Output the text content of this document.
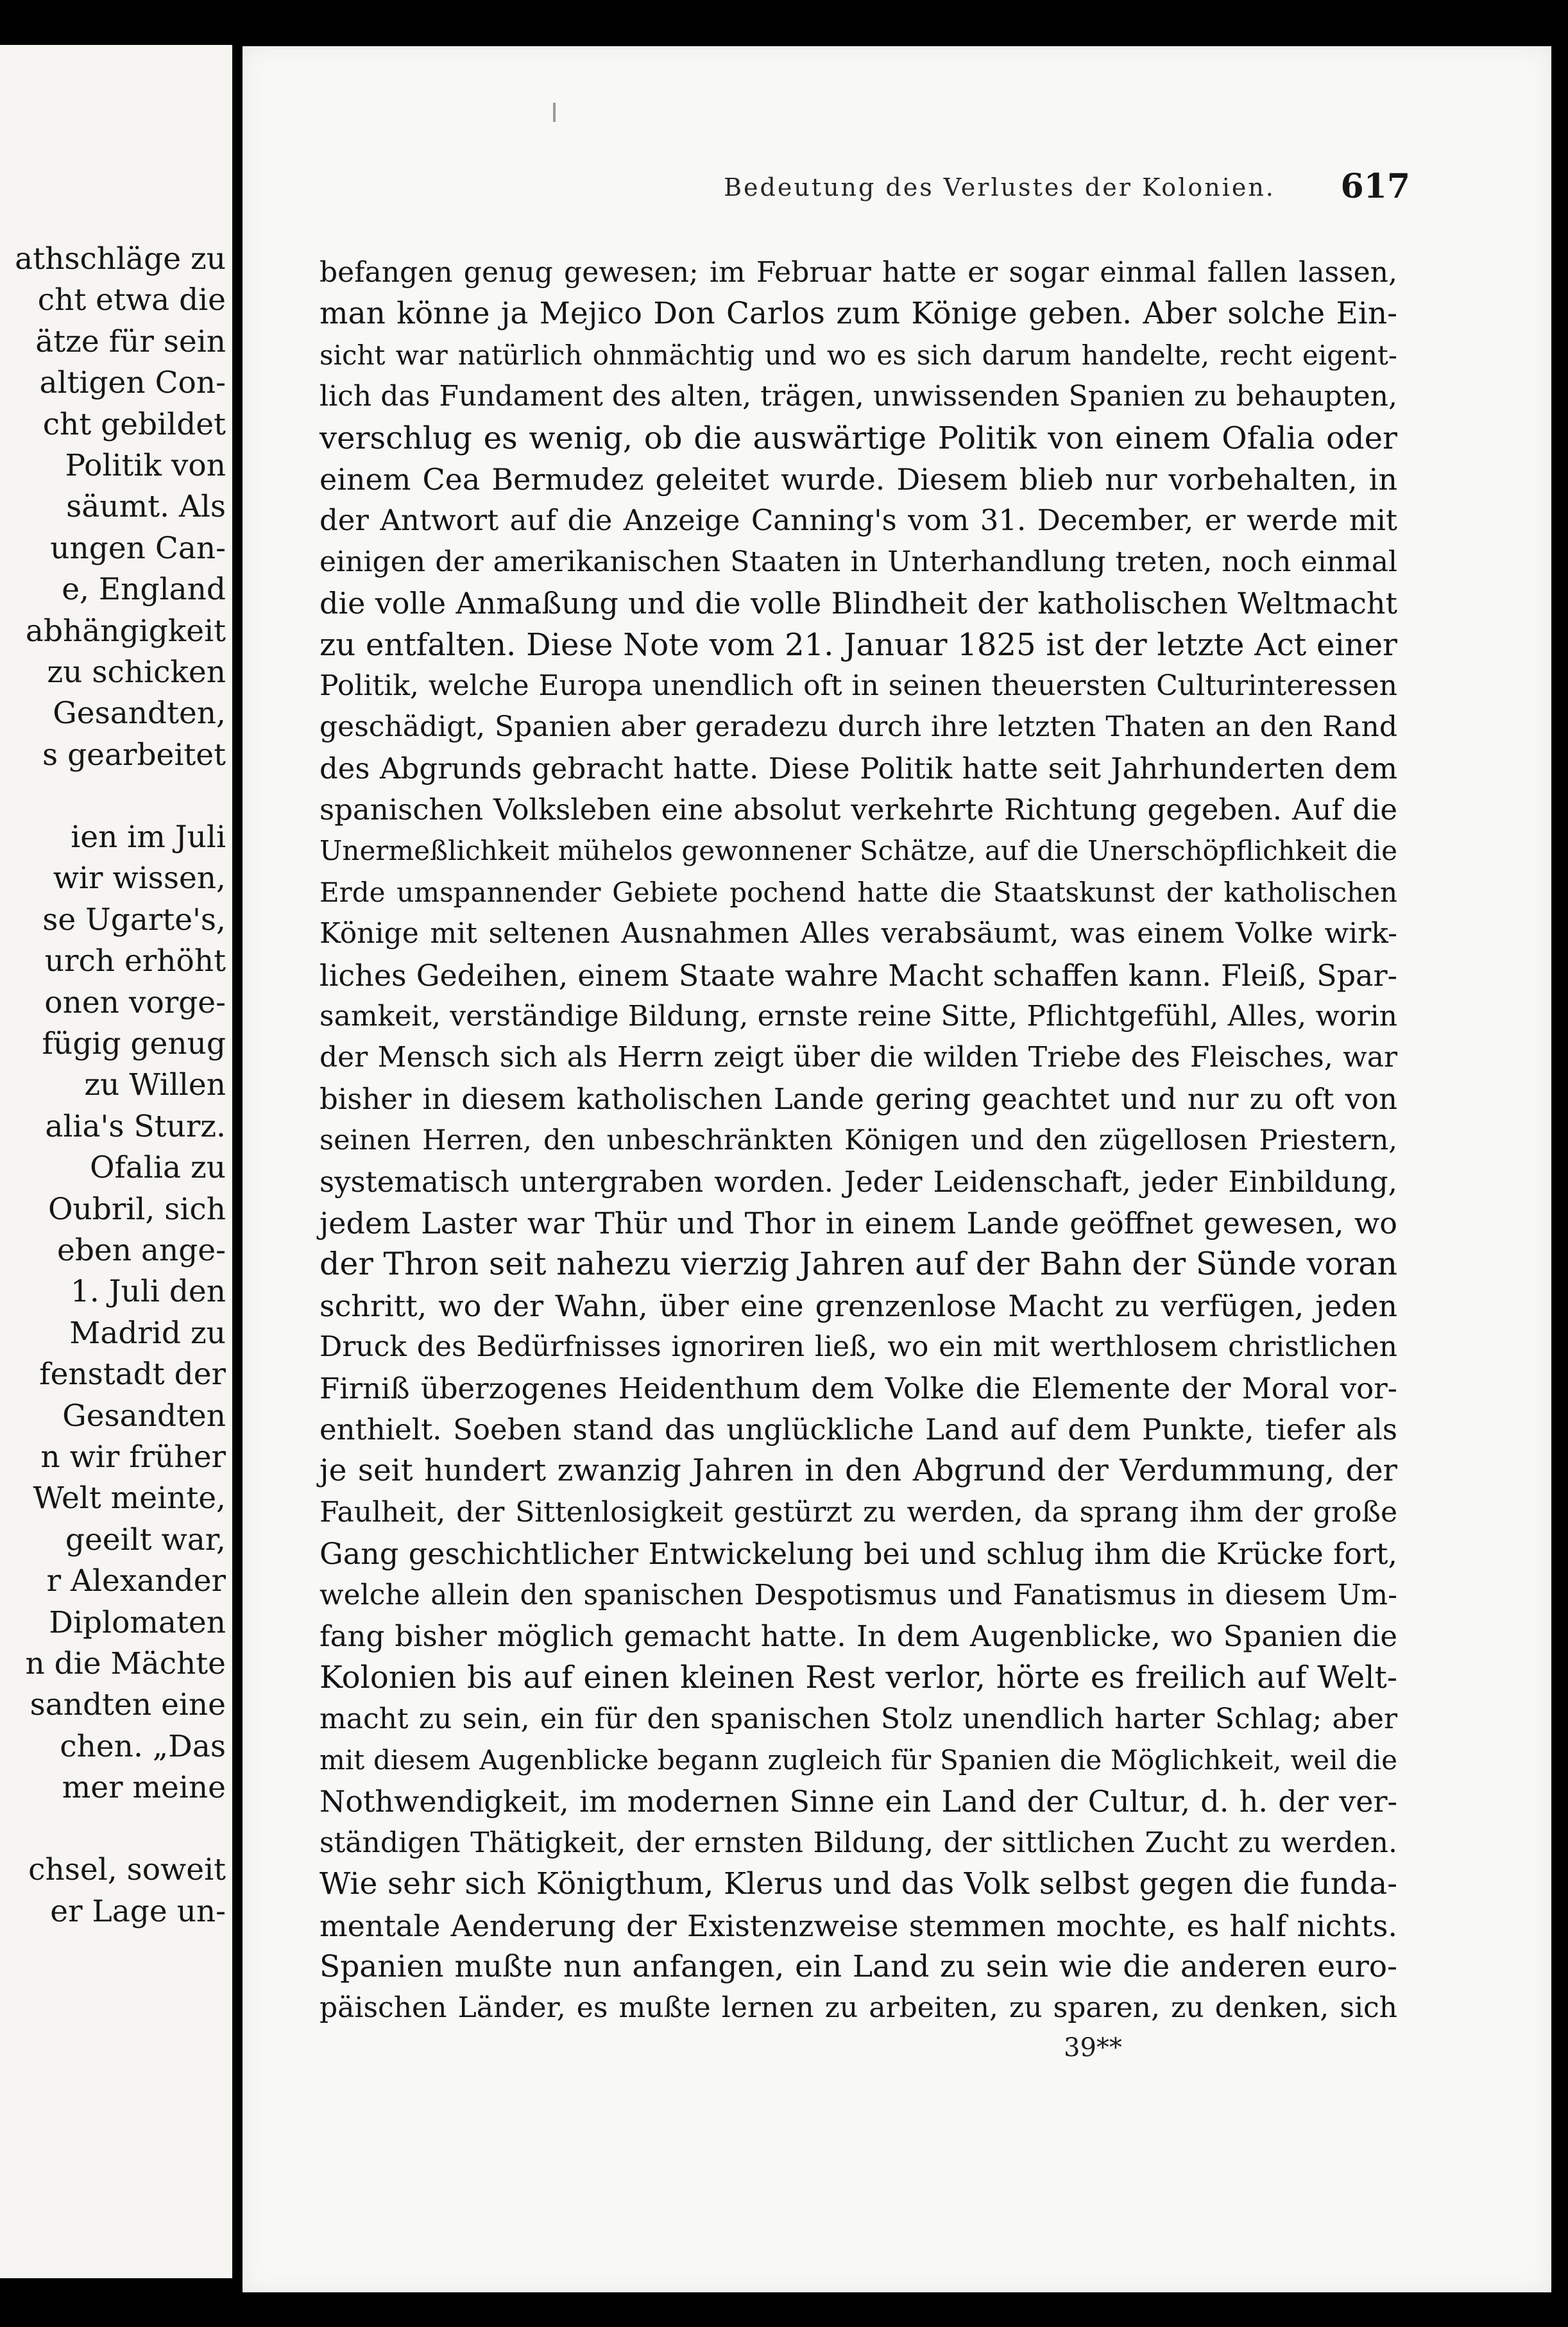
athschläge zu
cht etwa die
ätze für sein
altigen Con-
cht gebildet
Politik von
säumt. Als
ungen Can-
e, England
abhängigkeit
zu schicken
Gesandten,
s gearbeitet
ien im Juli
wir wissen,
se Ugarte's,
urch erhöht
onen vorge-
fügig genug
zu Willen
alia's Sturz.
Ofalia zu
Oubril, sich
eben ange-
1. Juli den
Madrid zu
fenstadt der
Gesandten
n wir früher
Welt meinte,
geeilt war,
r Alexander
Diplomaten
n die Mächte
sandten eine
chen. „Das
mer meine
chsel, soweit
er Lage un-
Bedeutung des Verlustes der Kolonien.	617
befangen genug gewesen; im Februar hatte er sogar einmal fallen lassen,
man könne ja Mejico Don Carlos zum Könige geben. Aber solche Ein-
sicht war natürlich ohnmächtig und wo es sich darum handelte, recht eigent-
lich das Fundament des alten, trägen, unwissenden Spanien zu behaupten,
verschlug es wenig, ob die auswärtige Politik von einem Ofalia oder
einem Cea Bermudez geleitet wurde. Diesem blieb nur vorbehalten, in
der Antwort auf die Anzeige Canning's vom 31. December, er werde mit
einigen der amerikanischen Staaten in Unterhandlung treten, noch einmal
die volle Anmaßung und die volle Blindheit der katholischen Weltmacht
zu entfalten. Diese Note vom 21. Januar 1825 ist der letzte Act einer
Politik, welche Europa unendlich oft in seinen theuersten Culturinteressen
geschädigt, Spanien aber geradezu durch ihre letzten Thaten an den Rand
des Abgrunds gebracht hatte. Diese Politik hatte seit Jahrhunderten dem
spanischen Volksleben eine absolut verkehrte Richtung gegeben. Auf die
Unermeßlichkeit mühelos gewonnener Schätze, auf die Unerschöpflichkeit die
Erde umspannender Gebiete pochend hatte die Staatskunst der katholischen
Könige mit seltenen Ausnahmen Alles verabsäumt, was einem Volke wirk-
liches Gedeihen, einem Staate wahre Macht schaffen kann. Fleiß, Spar-
samkeit, verständige Bildung, ernste reine Sitte, Pflichtgefühl, Alles, worin
der Mensch sich als Herrn zeigt über die wilden Triebe des Fleisches, war
bisher in diesem katholischen Lande gering geachtet und nur zu oft von
seinen Herren, den unbeschränkten Königen und den zügellosen Priestern,
systematisch untergraben worden. Jeder Leidenschaft, jeder Einbildung,
jedem Laster war Thür und Thor in einem Lande geöffnet gewesen, wo
der Thron seit nahezu vierzig Jahren auf der Bahn der Sünde voran
schritt, wo der Wahn, über eine grenzenlose Macht zu verfügen, jeden
Druck des Bedürfnisses ignoriren ließ, wo ein mit werthlosem christlichen
Firniß überzogenes Heidenthum dem Volke die Elemente der Moral vor-
enthielt. Soeben stand das unglückliche Land auf dem Punkte, tiefer als
je seit hundert zwanzig Jahren in den Abgrund der Verdummung, der
Faulheit, der Sittenlosigkeit gestürzt zu werden, da sprang ihm der große
Gang geschichtlicher Entwickelung bei und schlug ihm die Krücke fort,
welche allein den spanischen Despotismus und Fanatismus in diesem Um-
fang bisher möglich gemacht hatte. In dem Augenblicke, wo Spanien die
Kolonien bis auf einen kleinen Rest verlor, hörte es freilich auf Welt-
macht zu sein, ein für den spanischen Stolz unendlich harter Schlag; aber
mit diesem Augenblicke begann zugleich für Spanien die Möglichkeit, weil die
Nothwendigkeit, im modernen Sinne ein Land der Cultur, d. h. der ver-
ständigen Thätigkeit, der ernsten Bildung, der sittlichen Zucht zu werden.
Wie sehr sich Königthum, Klerus und das Volk selbst gegen die funda-
mentale Aenderung der Existenzweise stemmen mochte, es half nichts.
Spanien mußte nun anfangen, ein Land zu sein wie die anderen euro-
päischen Länder, es mußte lernen zu arbeiten, zu sparen, zu denken, sich
39**
